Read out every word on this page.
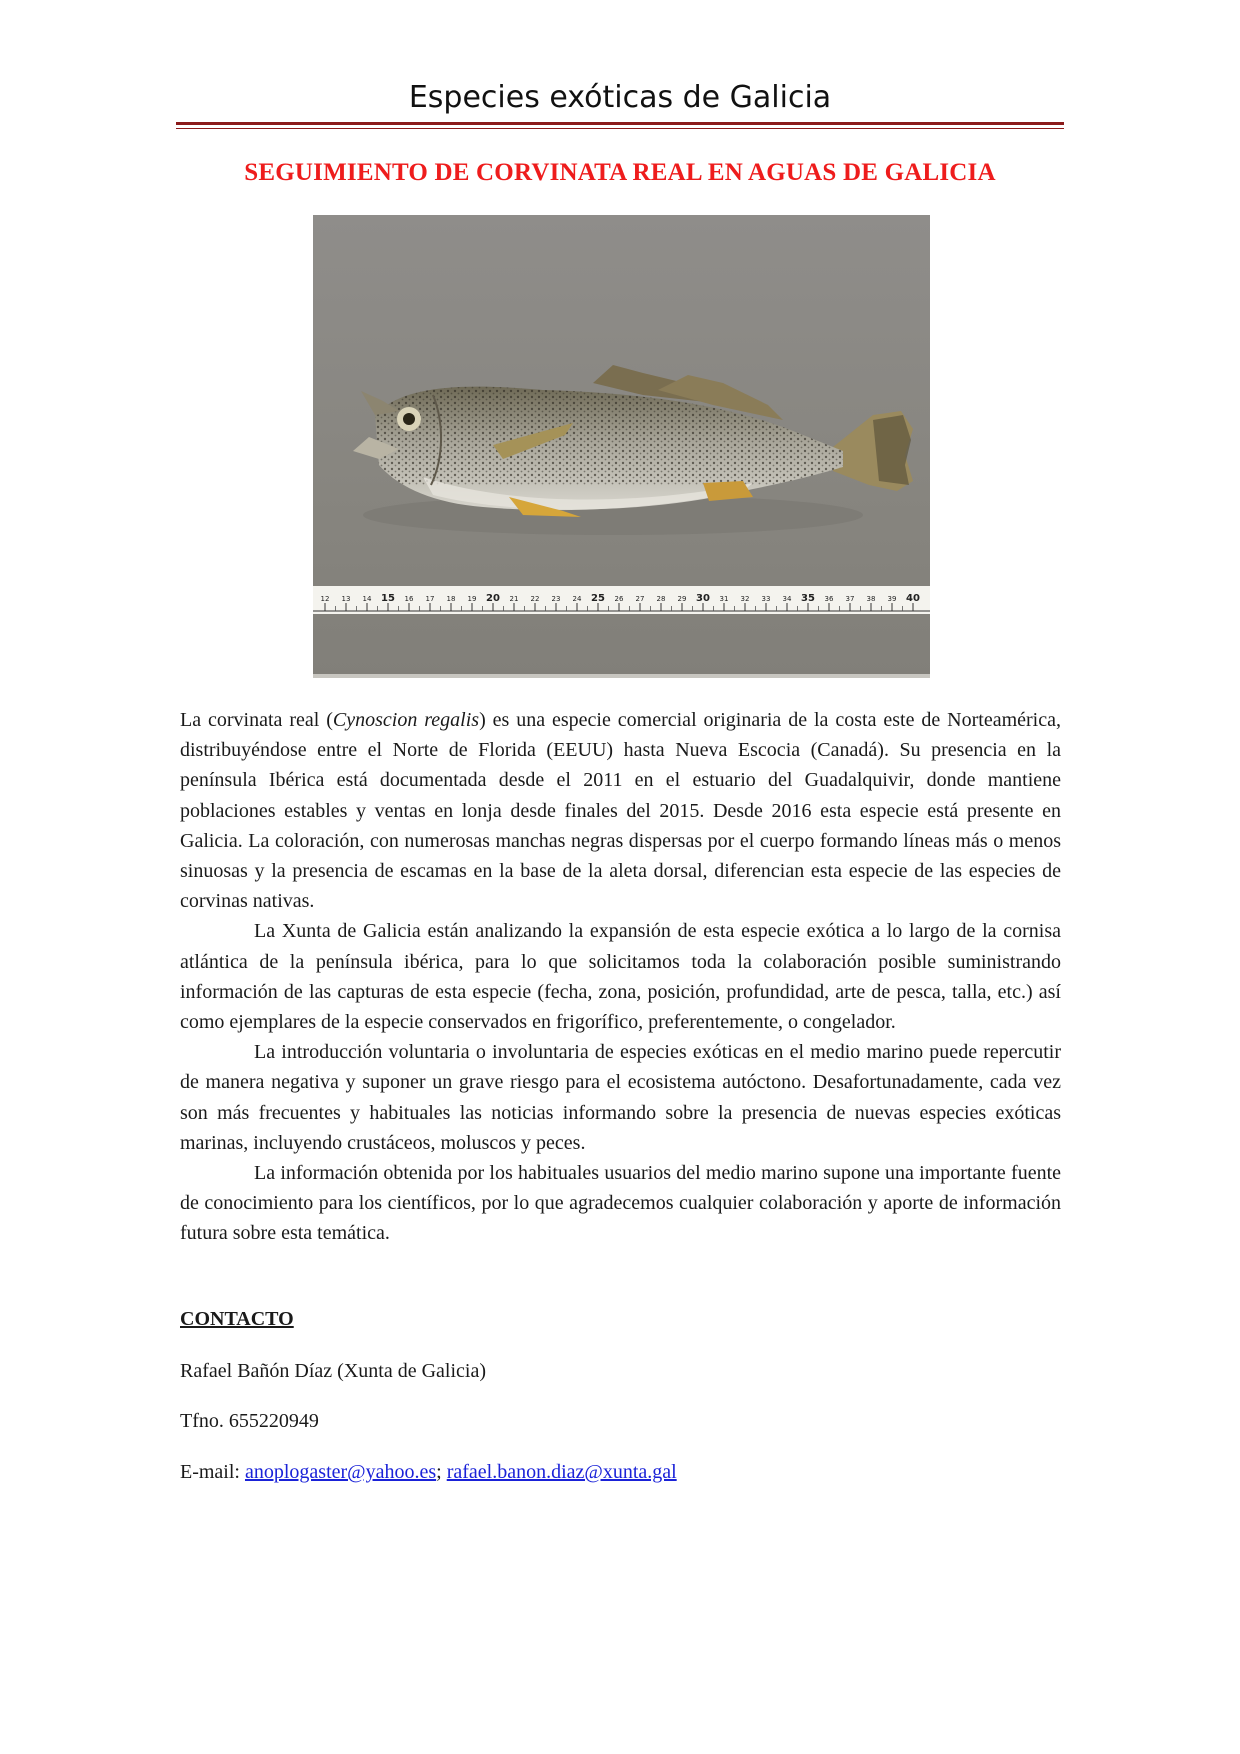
Especies exóticas de Galicia
SEGUIMIENTO DE CORVINATA REAL EN AGUAS DE GALICIA
12 13 14 15 16 17 18 19 20 21 22 23 24 25 26 27 28 29 30 31 32 33 34 35 36 37 38 39 40

La corvinata real (Cynoscion regalis) es una especie comercial originaria de la costa este de Norteamérica, distribuyéndose entre el Norte de Florida (EEUU) hasta Nueva Escocia (Canadá). Su presencia en la península Ibérica está documentada desde el 2011 en el estuario del Guadalquivir, donde mantiene poblaciones estables y ventas en lonja desde finales del 2015. Desde 2016 esta especie está presente en Galicia. La coloración, con numerosas manchas negras dispersas por el cuerpo formando líneas más o menos sinuosas y la presencia de escamas en la base de la aleta dorsal, diferencian esta especie de las especies de corvinas nativas.

La Xunta de Galicia están analizando la expansión de esta especie exótica a lo largo de la cornisa atlántica de la península ibérica, para lo que solicitamos toda la colaboración posible suministrando información de las capturas de esta especie (fecha, zona, posición, profundidad, arte de pesca, talla, etc.) así como ejemplares de la especie conservados en frigorífico, preferentemente, o congelador.

La introducción voluntaria o involuntaria de especies exóticas en el medio marino puede repercutir de manera negativa y suponer un grave riesgo para el ecosistema autóctono. Desafortunadamente, cada vez son más frecuentes y habituales las noticias informando sobre la presencia de nuevas especies exóticas marinas, incluyendo crustáceos, moluscos y peces.

La información obtenida por los habituales usuarios del medio marino supone una importante fuente de conocimiento para los científicos, por lo que agradecemos cualquier colaboración y aporte de información futura sobre esta temática.

CONTACTO
Rafael Bañón Díaz (Xunta de Galicia)
Tfno. 655220949
E-mail: anoplogaster@yahoo.es; rafael.banon.diaz@xunta.gal
